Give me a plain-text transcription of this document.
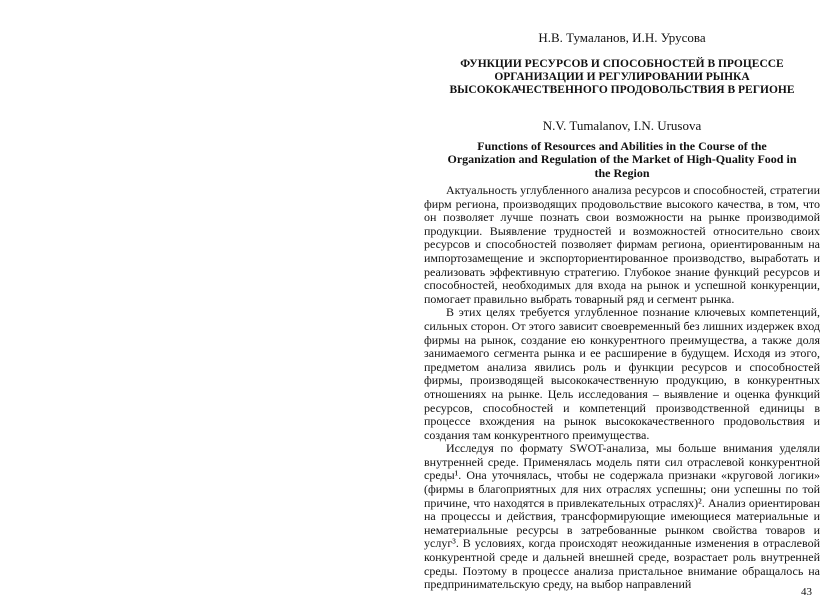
Н.В. Тумаланов, И.Н. Урусова
ФУНКЦИИ РЕСУРСОВ И СПОСОБНОСТЕЙ В ПРОЦЕССЕ ОРГАНИЗАЦИИ И РЕГУЛИРОВАНИИ РЫНКА ВЫСОКОКАЧЕСТВЕННОГО ПРОДОВОЛЬСТВИЯ В РЕГИОНЕ
N.V. Tumalanov, I.N. Urusova
Functions of Resources and Abilities in the Course of the Organization and Regulation of the Market of High-Quality Food in the Region

Актуальность углубленного анализа ресурсов и способностей, стратегии фирм региона, производящих продовольствие высокого качества, в том, что он позволяет лучше познать свои возможности на рынке производимой продукции. Выявление трудностей и возможностей относительно своих ресурсов и способностей позволяет фирмам региона, ориентированным на импортозамещение и экспорториентированное производство, выработать и реализовать эффективную стратегию. Глубокое знание функций ресурсов и способностей, необходимых для входа на рынок и успешной конкуренции, помогает правильно выбрать товарный ряд и сегмент рынка.

В этих целях требуется углубленное познание ключевых компетенций, сильных сторон. От этого зависит своевременный без лишних издержек вход фирмы на рынок, создание ею конкурентного преимущества, а также доля занимаемого сегмента рынка и ее расширение в будущем. Исходя из этого, предметом анализа явились роль и функции ресурсов и способностей фирмы, производящей высококачественную продукцию, в конкурентных отношениях на рынке. Цель исследования – выявление и оценка функций ресурсов, способностей и компетенций производственной единицы в процессе вхождения на рынок высококачественного продовольствия и создания там конкурентного преимущества.

Исследуя по формату SWOT-анализа, мы больше внимания уделяли внутренней среде. Применялась модель пяти сил отраслевой конкурентной среды¹. Она уточнялась, чтобы не содержала признаки «круговой логики» (фирмы в благоприятных для них отраслях успешны; они успешны по той причине, что находятся в привлекательных отраслях)². Анализ ориентирован на процессы и действия, трансформирующие имеющиеся материальные и нематериальные ресурсы в затребованные рынком свойства товаров и услуг³. В условиях, когда происходят неожиданные изменения в отраслевой конкурентной среде и дальней внешней среде, возрастает роль внутренней среды. Поэтому в процессе анализа пристальное внимание обращалось на предпринимательскую среду, на выбор направлений

43
